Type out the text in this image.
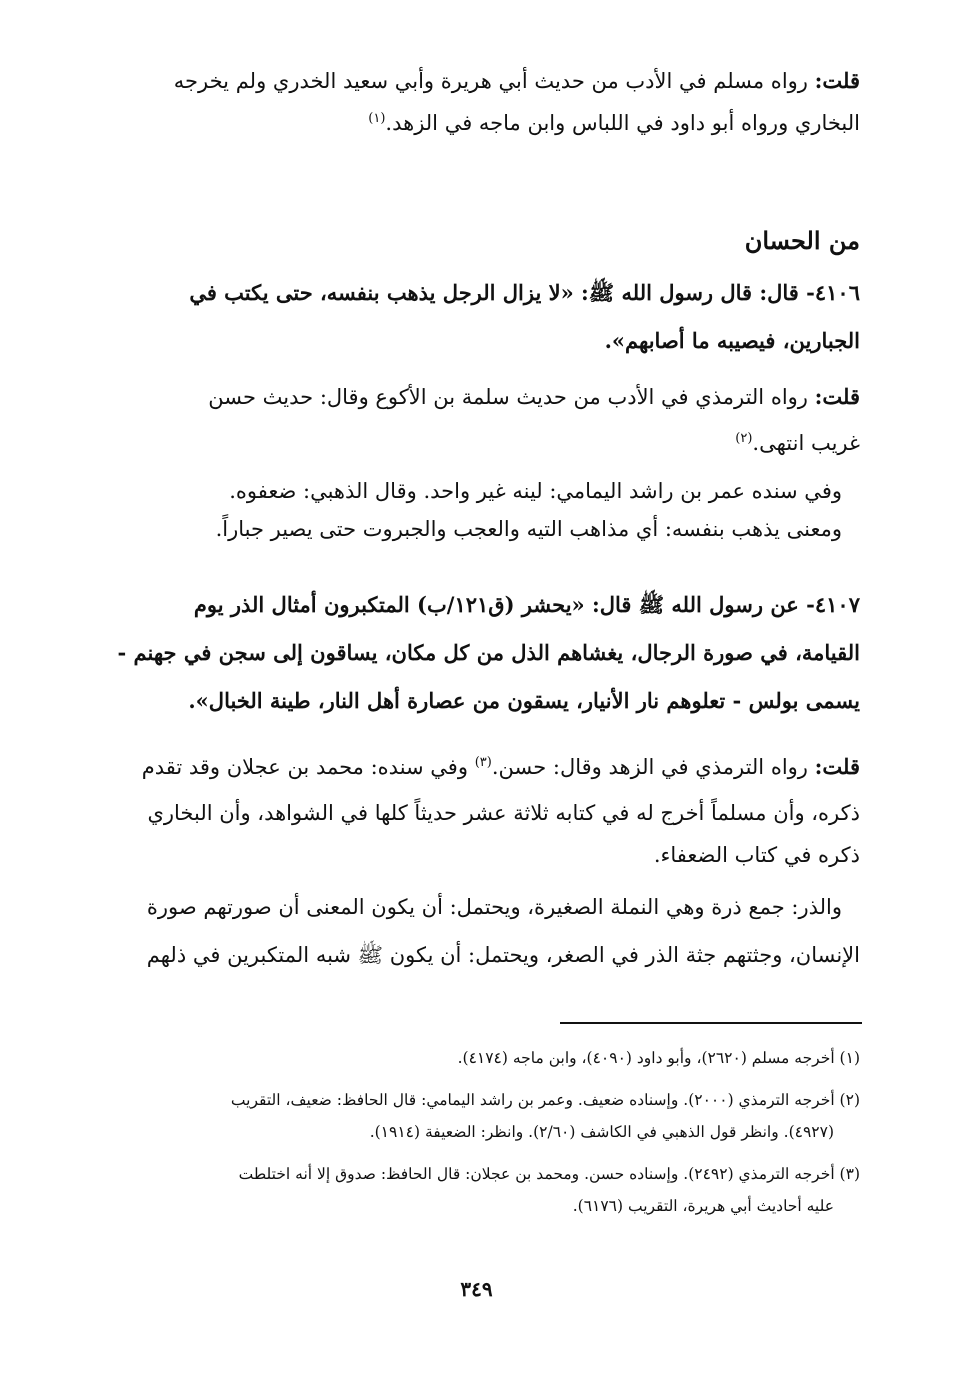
قلت: رواه مسلم في الأدب من حديث أبي هريرة وأبي سعيد الخدري ولم يخرجه
البخاري ورواه أبو داود في اللباس وابن ماجه في الزهد.$^{(١)}$
من الحسان
٤١٠٦- قال: قال رسول الله ﷺ: «لا يزال الرجل يذهب بنفسه، حتى يكتب في
الجبارين، فيصيبه ما أصابهم».
قلت: رواه الترمذي في الأدب من حديث سلمة بن الأكوع وقال: حديث حسن
غريب انتهى.$^{(٢)}$
وفي سنده عمر بن راشد اليمامي: لينه غير واحد. وقال الذهبي: ضعفوه.
ومعنى يذهب بنفسه: أي مذاهب التيه والعجب والجبروت حتى يصير جباراً.
٤١٠٧- عن رسول الله ﷺ قال: «يحشر (ق١٢١/ب) المتكبرون أمثال الذر يوم
القيامة، في صورة الرجال، يغشاهم الذل من كل مكان، يساقون إلى سجن في جهنم -
يسمى بولس - تعلوهم نار الأنيار، يسقون من عصارة أهل النار، طينة الخبال».
قلت: رواه الترمذي في الزهد وقال: حسن.$^{(٣)}$ وفي سنده: محمد بن عجلان وقد تقدم
ذكره، وأن مسلماً أخرج له في كتابه ثلاثة عشر حديثاً كلها في الشواهد، وأن البخاري
ذكره في كتاب الضعفاء.
والذر: جمع ذرة وهي النملة الصغيرة، ويحتمل: أن يكون المعنى أن صورتهم صورة
الإنسان، وجثتهم جثة الذر في الصغر، ويحتمل: أن يكون ﷺ شبه المتكبرين في ذلهم
(١) أخرجه مسلم (٢٦٢٠)، وأبو داود (٤٠٩٠)، وابن ماجه (٤١٧٤).
(٢) أخرجه الترمذي (٢٠٠٠). وإسناده ضعيف. وعمر بن راشد اليمامي: قال الحافظ: ضعيف، التقريب
(٤٩٢٧). وانظر قول الذهبي في الكاشف (٢/٦٠). وانظر: الضعيفة (١٩١٤).
(٣) أخرجه الترمذي (٢٤٩٢). وإسناده حسن. ومحمد بن عجلان: قال الحافظ: صدوق إلا أنه اختلطت
عليه أحاديث أبي هريرة، التقريب (٦١٧٦).
٣٤٩
